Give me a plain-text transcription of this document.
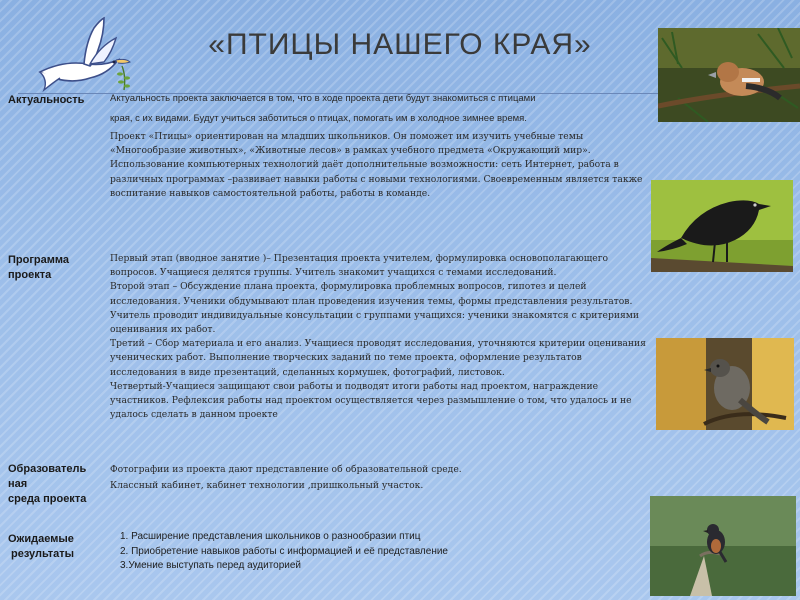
«ПТИЦЫ НАШЕГО КРАЯ»
Актуальность	Актуальность проекта заключается в том, что в ходе проекта дети будут знакомиться с птицами

края, с их видами. Будут учиться заботиться о птицах, помогать им в холодное зимнее время.

Проект «Птицы» ориентирован на младших школьников. Он поможет им изучить учебные темы «Многообразие животных», «Животные лесов» в рамках учебного предмета «Окружающий мир». Использование компьютерных технологий даёт дополнительные возможности: сеть Интернет, работа в различных программах –развивает навыки работы с новыми технологиями. Своевременным является также воспитание навыков самостоятельной работы, работы в команде.

Программа
проекта

Первый этап (вводное занятие )– Презентация проекта учителем, формулировка основополагающего вопросов. Учащиеся делятся группы. Учитель знакомит учащихся с темами исследований.

Второй этап – Обсуждение плана проекта, формулировка проблемных вопросов, гипотез и целей исследования. Ученики обдумывают план проведения изучения темы, формы представления результатов. Учитель проводит индивидуальные консультации с группами учащихся: ученики знакомятся с критериями оценивания их работ.

Третий – Сбор материала и его анализ. Учащиеся проводят исследования, уточняются критерии оценивания ученических работ. Выполнение творческих заданий по теме проекта, оформление результатов исследования в виде презентаций, сделанных кормушек, фотографий, листовок.

Четвертый-Учащиеся защищают свои работы и подводят итоги работы над проектом, награждение участников. Рефлексия работы над проектом осуществляется через размышление о том, что удалось и не удалось сделать в данном проекте

Образователь
ная
среда проекта

Фотографии из проекта дают представление об образовательной среде.

Классный кабинет, кабинет технологии ,пришкольный участок.

Ожидаемые
результаты
1. Расширение представления школьников о разнообразии птиц
2. Приобретение навыков работы с информацией и её представление
3.Умение выступать перед аудиторией
